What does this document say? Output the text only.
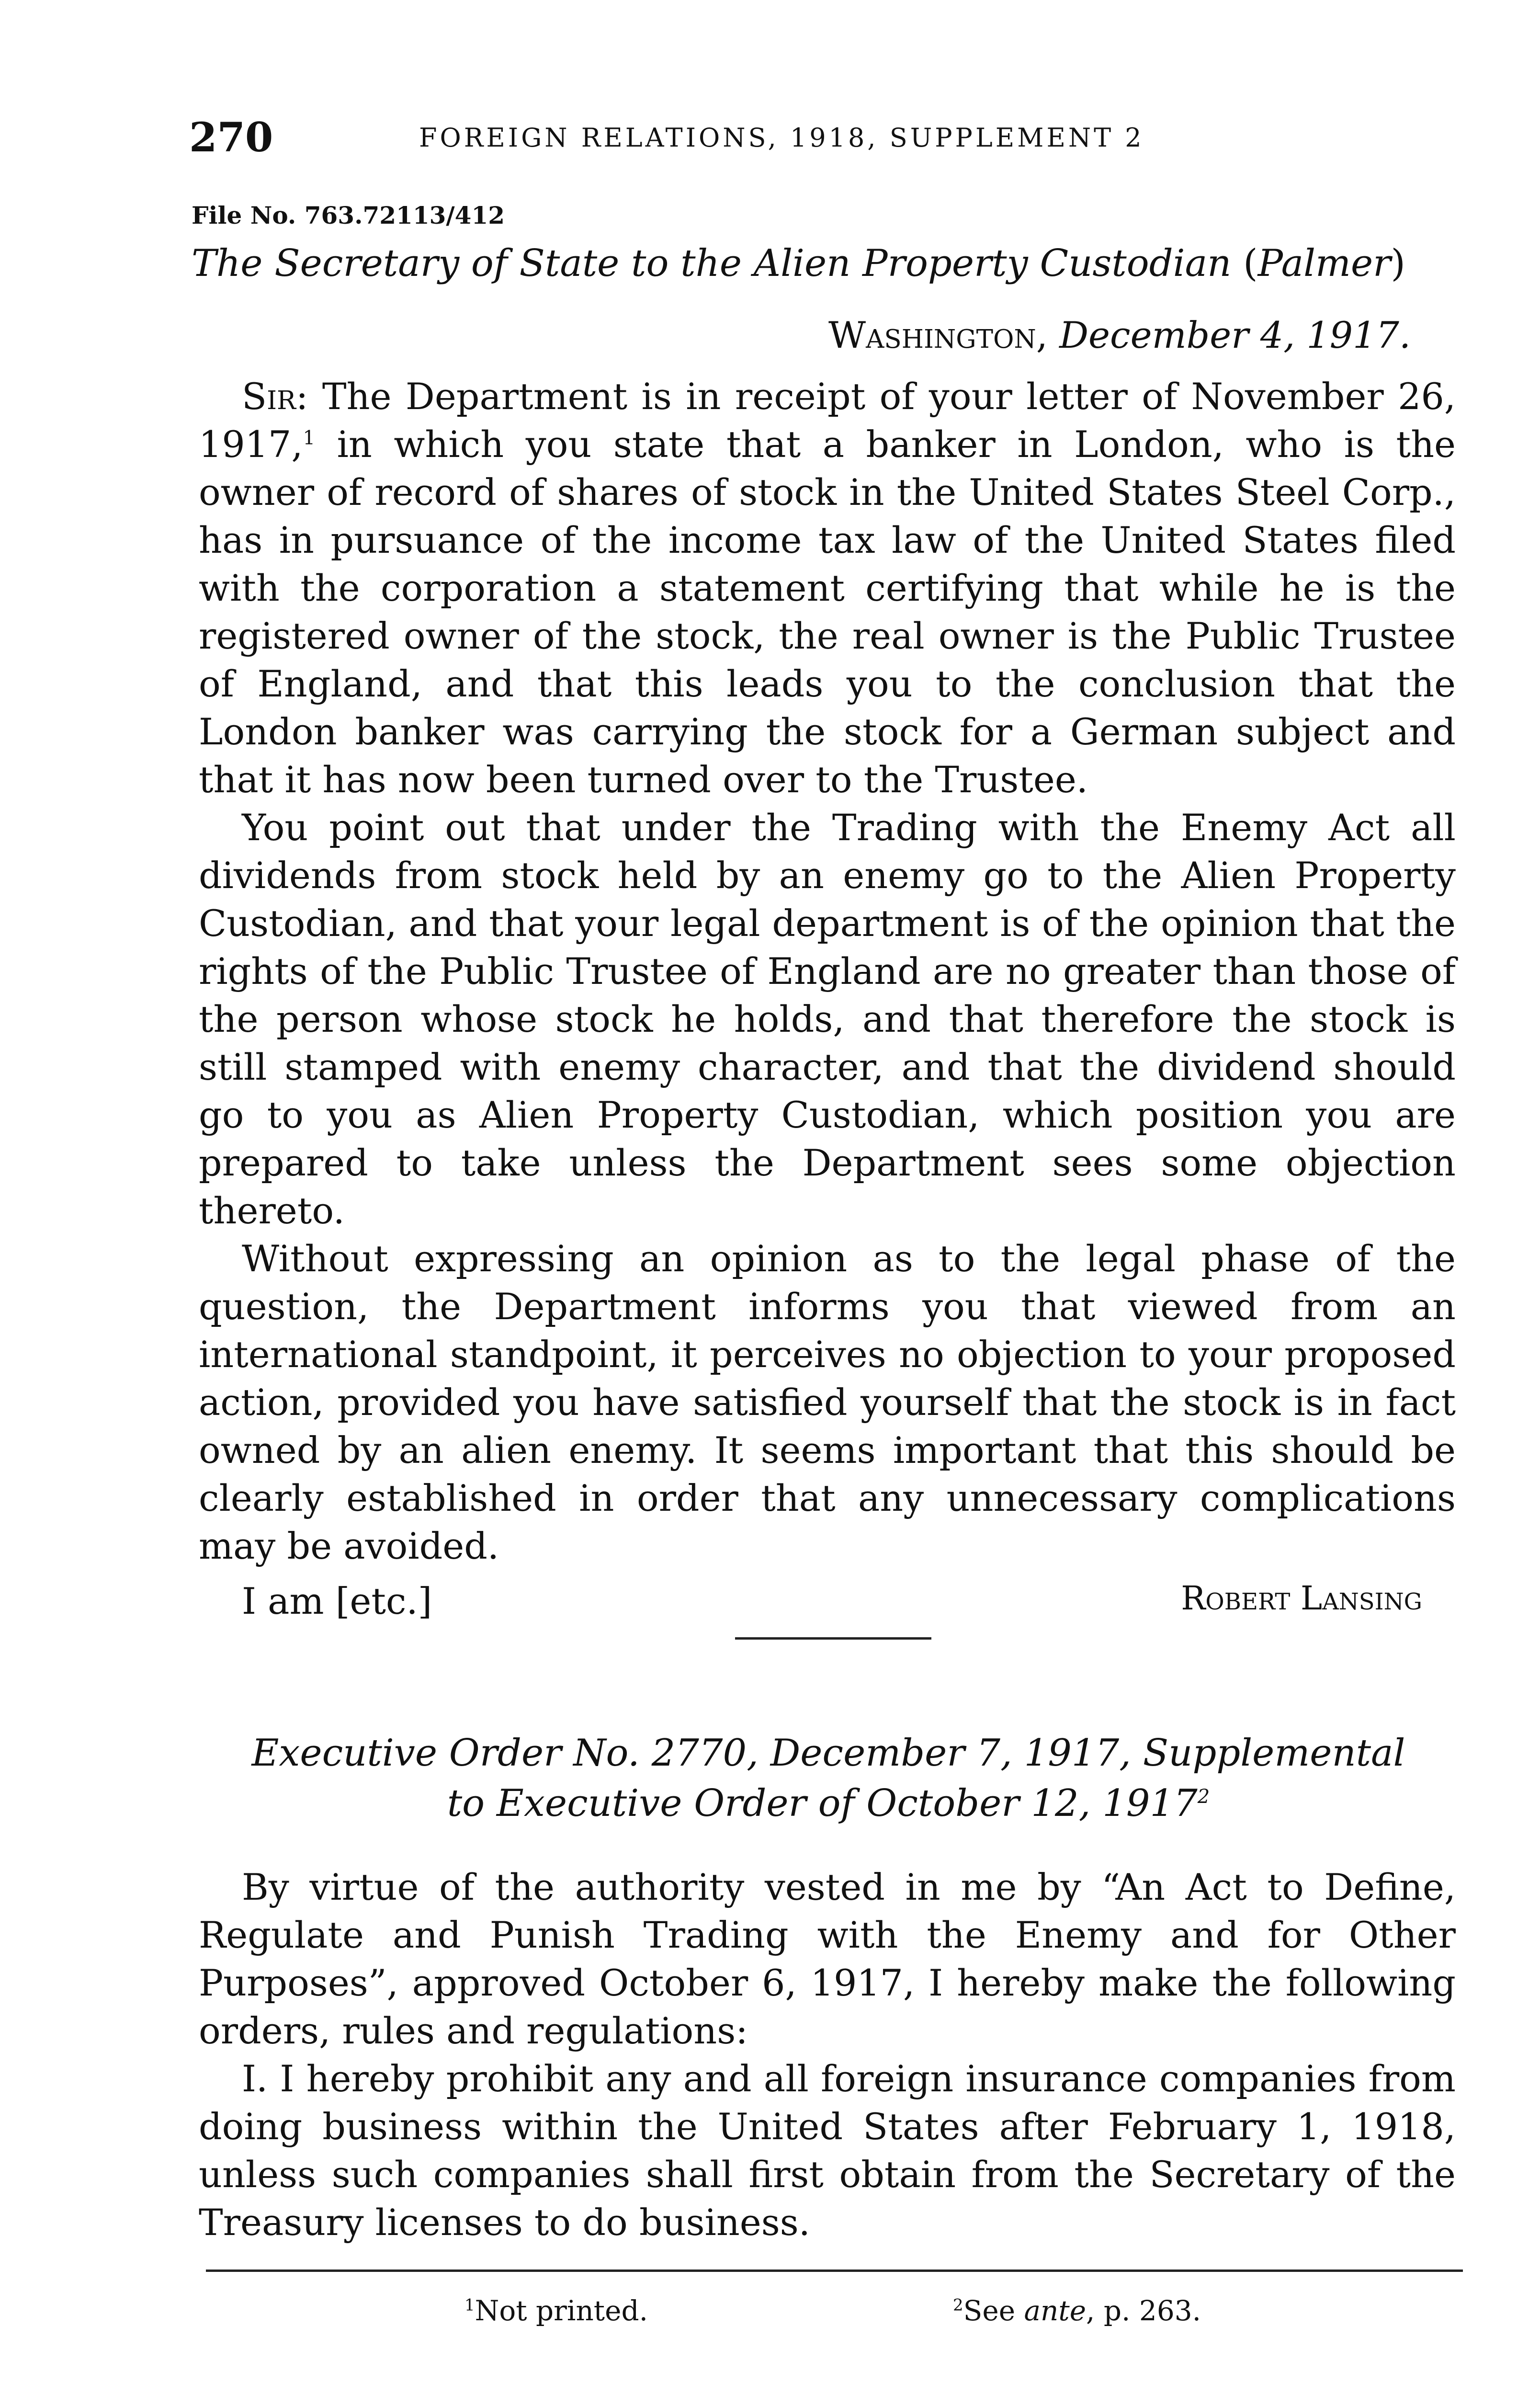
270	FOREIGN RELATIONS, 1918, SUPPLEMENT 2
File No. 763.72113/412
The Secretary of State to the Alien Property Custodian (Palmer)
Washington, December 4, 1917.

Sir: The Department is in receipt of your letter of November 26, 1917,$^1$ in which you state that a banker in London, who is the owner of record of shares of stock in the United States Steel Corp., has in pursuance of the income tax law of the United States filed with the corporation a statement certifying that while he is the registered owner of the stock, the real owner is the Public Trustee of England, and that this leads you to the conclusion that the London banker was carrying the stock for a German subject and that it has now been turned over to the Trustee.

You point out that under the Trading with the Enemy Act all dividends from stock held by an enemy go to the Alien Property Custodian, and that your legal department is of the opinion that the rights of the Public Trustee of England are no greater than those of the person whose stock he holds, and that therefore the stock is still stamped with enemy character, and that the dividend should go to you as Alien Property Custodian, which position you are prepared to take unless the Department sees some objection thereto.

Without expressing an opinion as to the legal phase of the question, the Department informs you that viewed from an international standpoint, it perceives no objection to your proposed action, provided you have satisfied yourself that the stock is in fact owned by an alien enemy. It seems important that this should be clearly established in order that any unnecessary complications may be avoided.

I am [etc.]	Robert Lansing
Executive Order No. 2770, December 7, 1917, Supplemental
to Executive Order of October 12, 1917$^2$

By virtue of the authority vested in me by “An Act to Define, Regulate and Punish Trading with the Enemy and for Other Purposes”, approved October 6, 1917, I hereby make the following orders, rules and regulations:

I. I hereby prohibit any and all foreign insurance companies from doing business within the United States after February 1, 1918, unless such companies shall first obtain from the Secretary of the Treasury licenses to do business.

$^1$Not printed.	$^2$See ante, p. 263.
